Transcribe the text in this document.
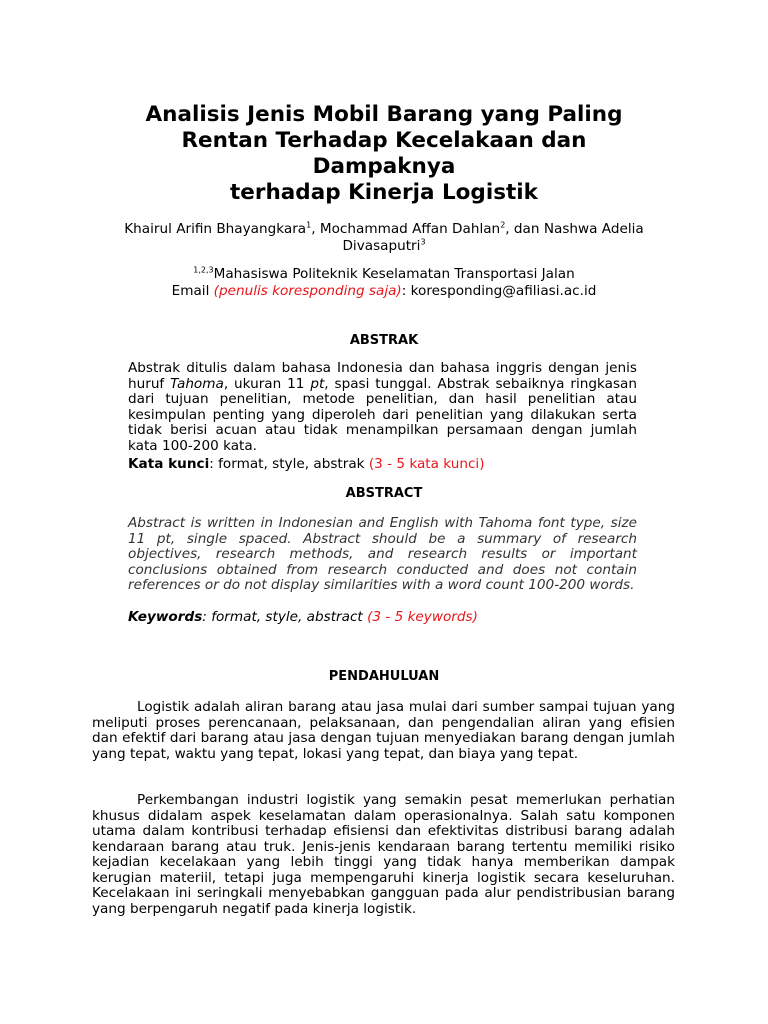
Analisis Jenis Mobil Barang yang Paling
Rentan Terhadap Kecelakaan dan
Dampaknya
terhadap Kinerja Logistik
Khairul Arifin Bhayangkara$^1$, Mochammad Affan Dahlan$^2$, dan Nashwa Adelia
Divasaputri$^3$
$^{1,2,3}$Mahasiswa Politeknik Keselamatan Transportasi Jalan
Email (penulis koresponding saja): koresponding@afiliasi.ac.id
ABSTRAK
Abstrak ditulis dalam bahasa Indonesia dan bahasa inggris dengan jenis huruf Tahoma, ukuran 11 pt, spasi tunggal. Abstrak sebaiknya ringkasan dari tujuan penelitian, metode penelitian, dan hasil penelitian atau kesimpulan penting yang diperoleh dari penelitian yang dilakukan serta tidak berisi acuan atau tidak menampilkan persamaan dengan jumlah kata 100-200 kata.
Kata kunci: format, style, abstrak (3 - 5 kata kunci)
ABSTRACT
Abstract is written in Indonesian and English with Tahoma font type, size 11 pt, single spaced. Abstract should be a summary of research objectives, research methods, and research results or important conclusions obtained from research conducted and does not contain references or do not display similarities with a word count 100-200 words.
Keywords: format, style, abstract (3 - 5 keywords)
PENDAHULUAN
Logistik adalah aliran barang atau jasa mulai dari sumber sampai tujuan yang meliputi proses perencanaan, pelaksanaan, dan pengendalian aliran yang efisien dan efektif dari barang atau jasa dengan tujuan menyediakan barang dengan jumlah yang tepat, waktu yang tepat, lokasi yang tepat, dan biaya yang tepat.
Perkembangan industri logistik yang semakin pesat memerlukan perhatian khusus didalam aspek keselamatan dalam operasionalnya. Salah satu komponen utama dalam kontribusi terhadap efisiensi dan efektivitas distribusi barang adalah kendaraan barang atau truk. Jenis-jenis kendaraan barang tertentu memiliki risiko kejadian kecelakaan yang lebih tinggi yang tidak hanya memberikan dampak kerugian materiil, tetapi juga mempengaruhi kinerja logistik secara keseluruhan. Kecelakaan ini seringkali menyebabkan gangguan pada alur pendistribusian barang yang berpengaruh negatif pada kinerja logistik.
